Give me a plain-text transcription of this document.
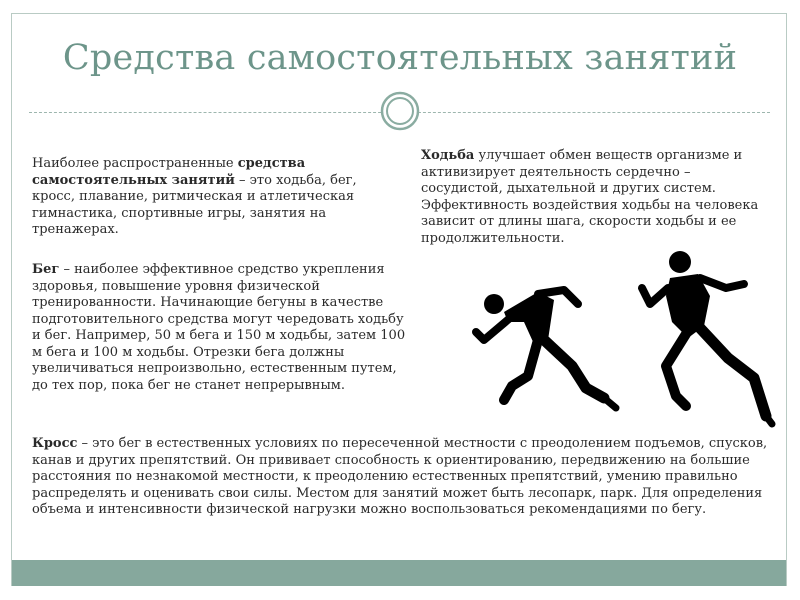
Средства самостоятельных занятий
Наиболее распространенные средства самостоятельных занятий – это ходьба, бег, кросс, плавание, ритмическая и атлетическая гимнастика, спортивные игры, занятия на тренажерах.
Ходьба улучшает обмен веществ организме и активизирует деятельность сердечно – сосудистой, дыхательной и других систем. Эффективность воздействия ходьбы на человека зависит от длины шага, скорости ходьбы и ее продолжительности.
Бег – наиболее эффективное средство укрепления здоровья, повышение уровня физической тренированности. Начинающие бегуны в качестве подготовительного средства могут чередовать ходьбу и бег. Например, 50 м бега и 150 м ходьбы, затем 100 м бега и 100 м ходьбы. Отрезки бега должны увеличиваться непроизвольно, естественным путем, до тех пор, пока бег не станет непрерывным.
Кросс – это бег в естественных условиях по пересеченной местности с преодолением подъемов, спусков, канав и других препятствий. Он прививает способность к ориентированию, передвижению на большие расстояния по незнакомой местности, к преодолению естественных препятствий, умению правильно распределять и оценивать свои силы. Местом для занятий может быть лесопарк, парк. Для определения объема и интенсивности физической нагрузки можно воспользоваться рекомендациями по бегу.
